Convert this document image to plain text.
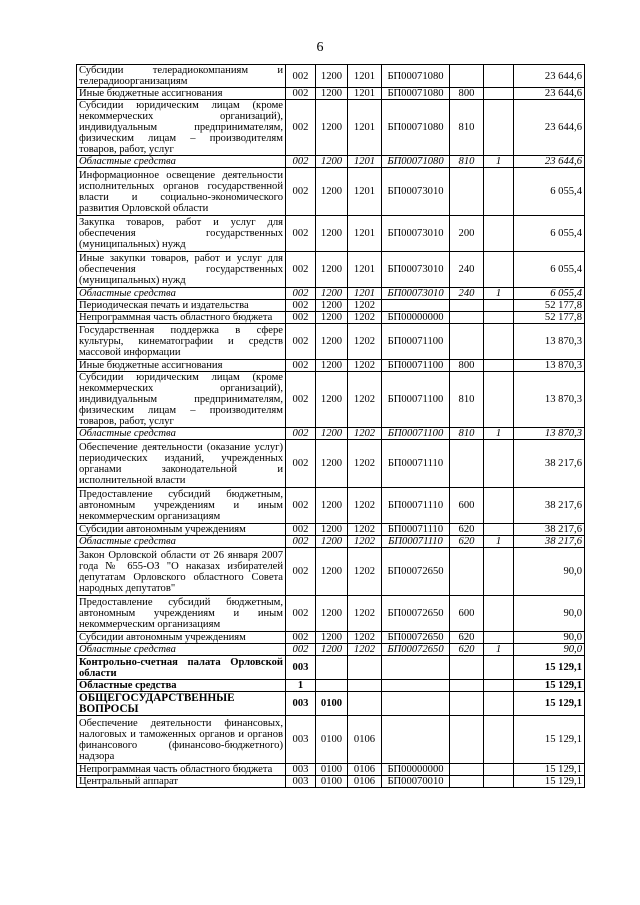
6
Субсидии телерадиокомпаниям и телерадиоорганизациям	002	1200	1201	БП00071080			23 644,6
Иные бюджетные ассигнования	002	1200	1201	БП00071080	800		23 644,6
Субсидии юридическим лицам (кроме некоммерческих организаций), индивидуальным предпринимателям, физическим лицам – производителям товаров, работ, услуг	002	1200	1201	БП00071080	810		23 644,6
Областные средства	002	1200	1201	БП00071080	810	1	23 644,6
Информационное освещение деятельности исполнительных органов государственной власти и социально-экономического развития Орловской области	002	1200	1201	БП00073010			6 055,4
Закупка товаров, работ и услуг для обеспечения государственных (муниципальных) нужд	002	1200	1201	БП00073010	200		6 055,4
Иные закупки товаров, работ и услуг для обеспечения государственных (муниципальных) нужд	002	1200	1201	БП00073010	240		6 055,4
Областные средства	002	1200	1201	БП00073010	240	1	6 055,4
Периодическая печать и издательства	002	1200	1202				52 177,8
Непрограммная часть областного бюджета	002	1200	1202	БП00000000			52 177,8
Государственная поддержка в сфере культуры, кинематографии и средств массовой информации	002	1200	1202	БП00071100			13 870,3
Иные бюджетные ассигнования	002	1200	1202	БП00071100	800		13 870,3
Субсидии юридическим лицам (кроме некоммерческих организаций), индивидуальным предпринимателям, физическим лицам – производителям товаров, работ, услуг	002	1200	1202	БП00071100	810		13 870,3
Областные средства	002	1200	1202	БП00071100	810	1	13 870,3
Обеспечение деятельности (оказание услуг) периодических изданий, учрежденных органами законодательной и исполнительной власти	002	1200	1202	БП00071110			38 217,6
Предоставление субсидий бюджетным, автономным учреждениям и иным некоммерческим организациям	002	1200	1202	БП00071110	600		38 217,6
Субсидии автономным учреждениям	002	1200	1202	БП00071110	620		38 217,6
Областные средства	002	1200	1202	БП00071110	620	1	38 217,6
Закон Орловской области от 26 января 2007 года № 655-ОЗ "О наказах избирателей депутатам Орловского областного Совета народных депутатов"	002	1200	1202	БП00072650			90,0
Предоставление субсидий бюджетным, автономным учреждениям и иным некоммерческим организациям	002	1200	1202	БП00072650	600		90,0
Субсидии автономным учреждениям	002	1200	1202	БП00072650	620		90,0
Областные средства	002	1200	1202	БП00072650	620	1	90,0
Контрольно-счетная палата Орловской области	003						15 129,1
Областные средства	1						15 129,1
ОБЩЕГОСУДАРСТВЕННЫЕ ВОПРОСЫ	003	0100					15 129,1
Обеспечение деятельности финансовых, налоговых и таможенных органов и органов финансового (финансово-бюджетного) надзора	003	0100	0106				15 129,1
Непрограммная часть областного бюджета	003	0100	0106	БП00000000			15 129,1
Центральный аппарат	003	0100	0106	БП00070010			15 129,1
